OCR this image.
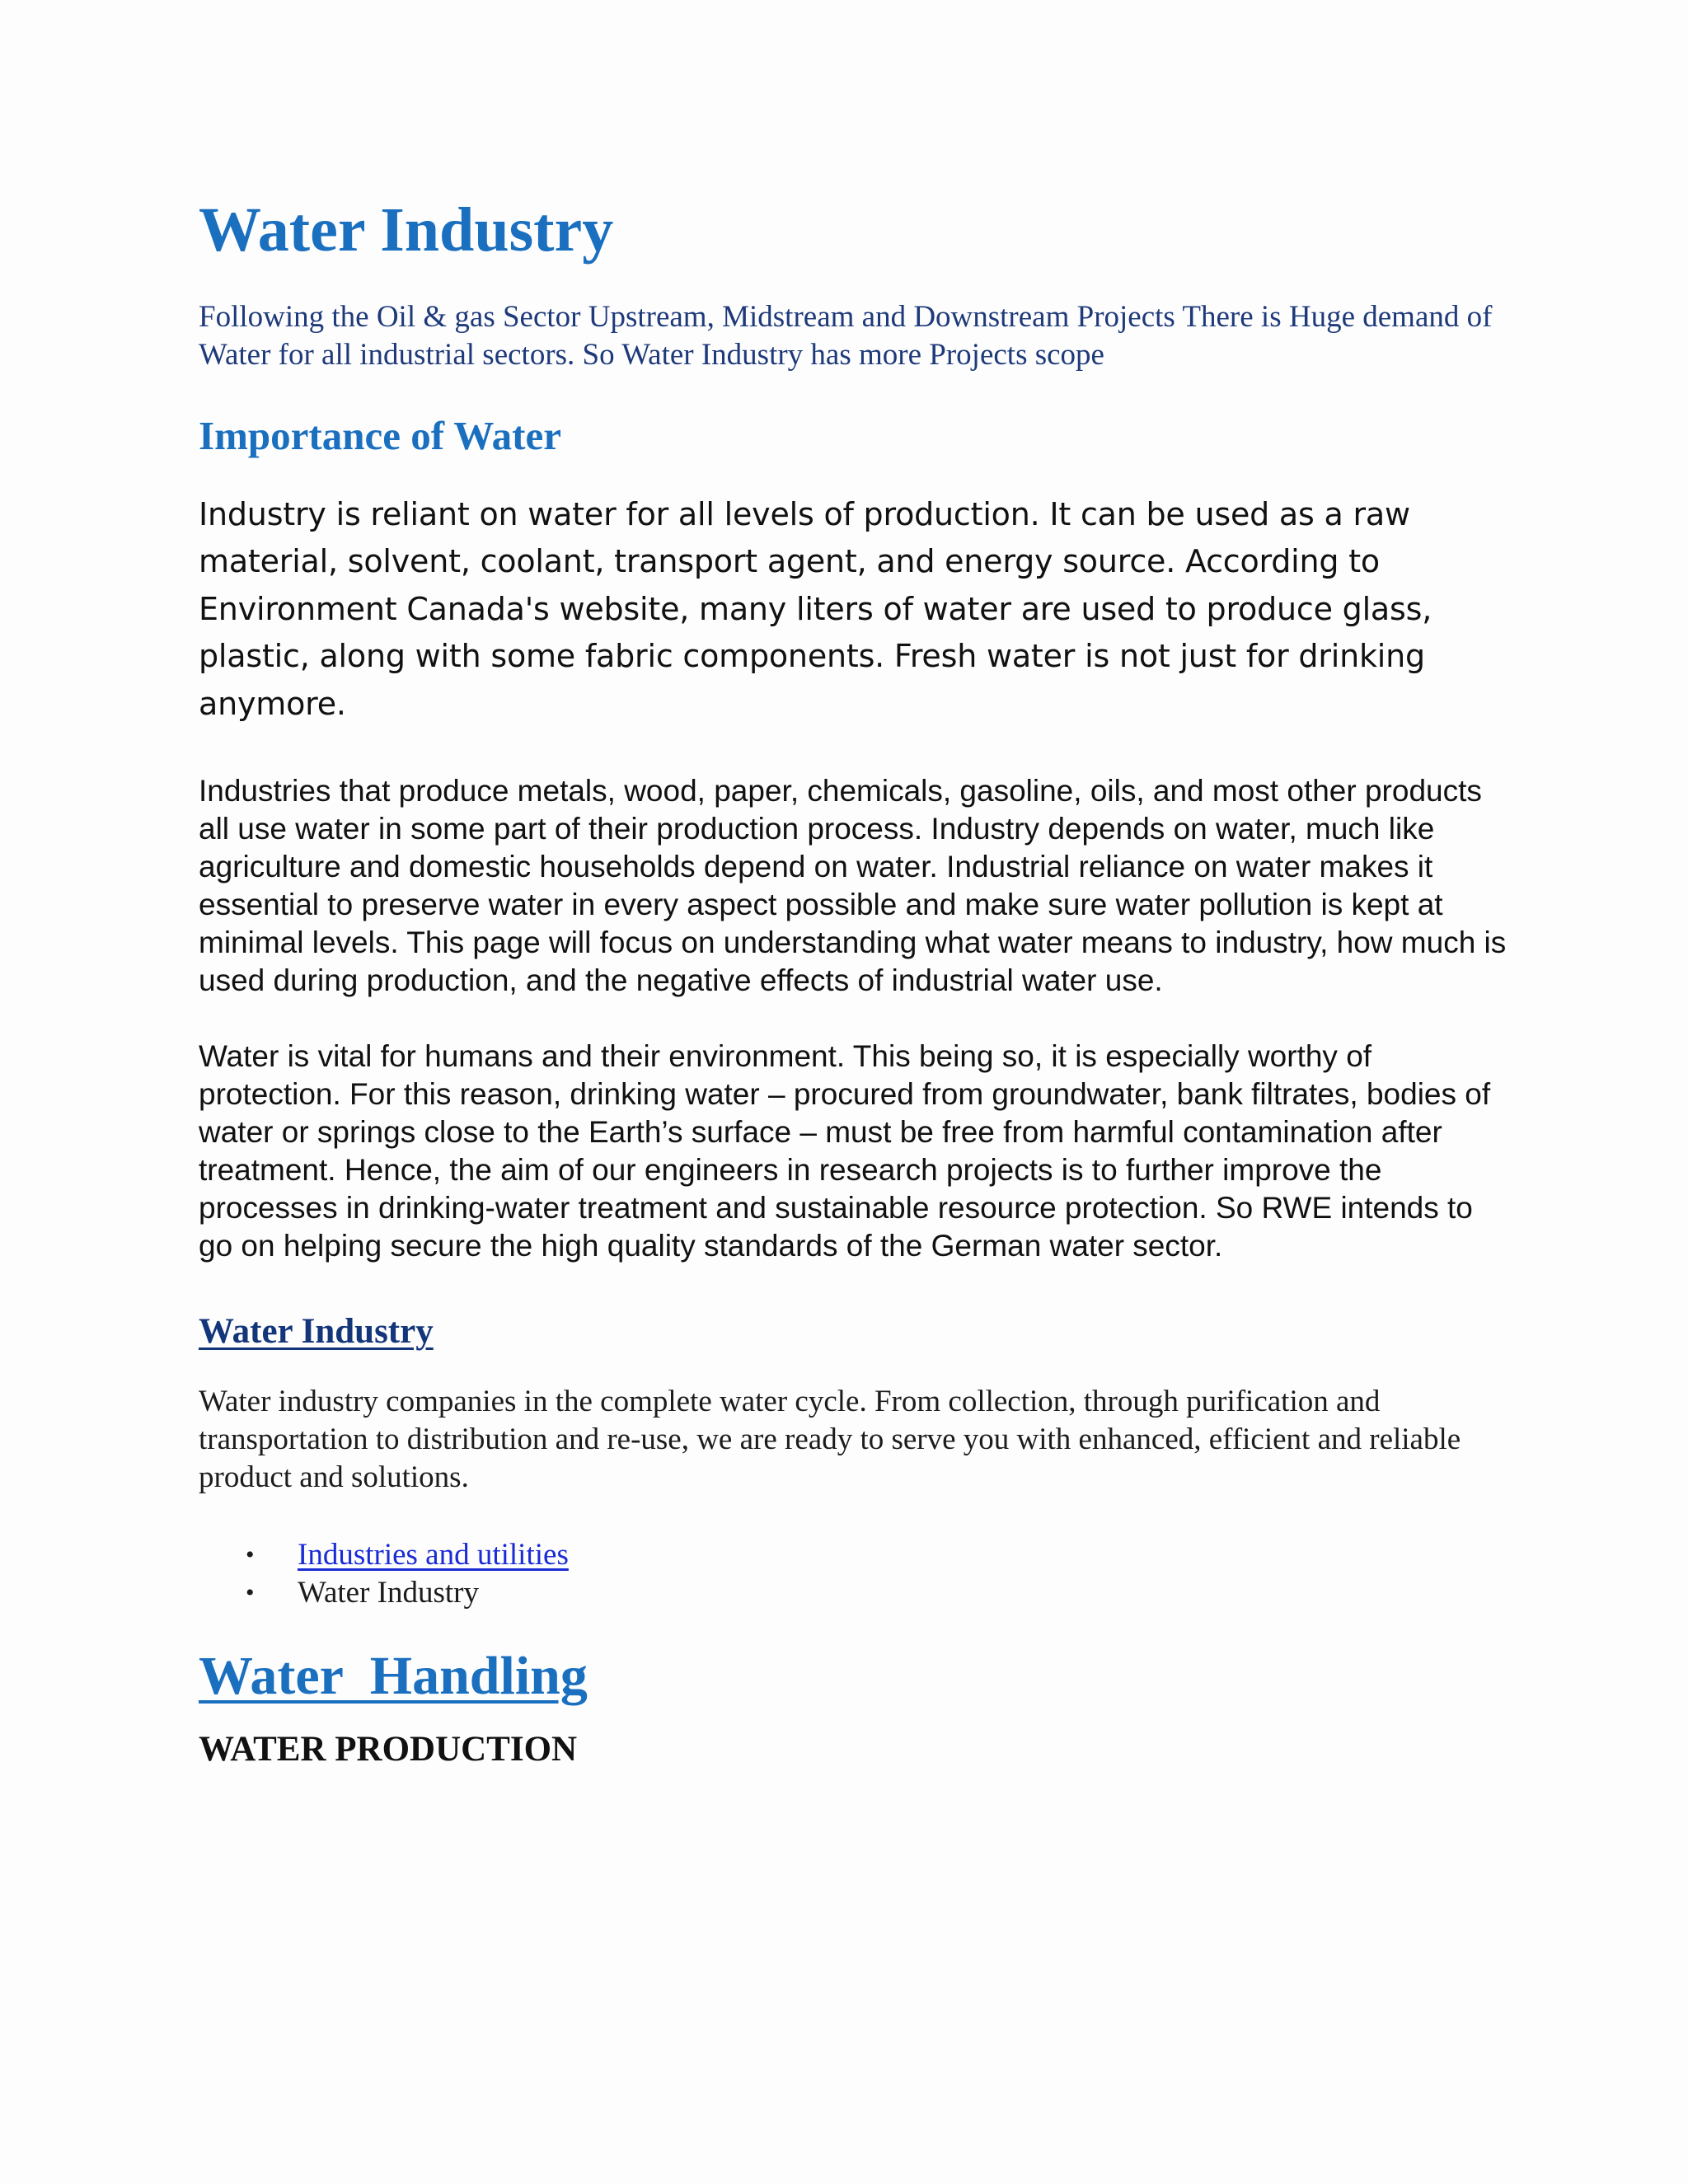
Water Industry

Following the Oil & gas Sector Upstream, Midstream and Downstream Projects There is Huge demand of Water for all industrial sectors. So Water Industry has more Projects scope

Importance of Water

Industry is reliant on water for all levels of production. It can be used as a raw material, solvent, coolant, transport agent, and energy source. According to Environment Canada's website, many liters of water are used to produce glass, plastic, along with some fabric components. Fresh water is not just for drinking anymore.

Industries that produce metals, wood, paper, chemicals, gasoline, oils, and most other products all use water in some part of their production process. Industry depends on water, much like agriculture and domestic households depend on water. Industrial reliance on water makes it essential to preserve water in every aspect possible and make sure water pollution is kept at minimal levels. This page will focus on understanding what water means to industry, how much is used during production, and the negative effects of industrial water use.

Water is vital for humans and their environment. This being so, it is especially worthy of protection. For this reason, drinking water – procured from groundwater, bank filtrates, bodies of water or springs close to the Earth’s surface – must be free from harmful contamination after treatment. Hence, the aim of our engineers in research projects is to further improve the processes in drinking-water treatment and sustainable resource protection. So RWE intends to go on helping secure the high quality standards of the German water sector.

Water Industry

Water industry companies in the complete water cycle. From collection, through purification and transportation to distribution and re-use, we are ready to serve you with enhanced, efficient and reliable product and solutions.

• Industries and utilities
• Water Industry
Water  Handling
WATER PRODUCTION
